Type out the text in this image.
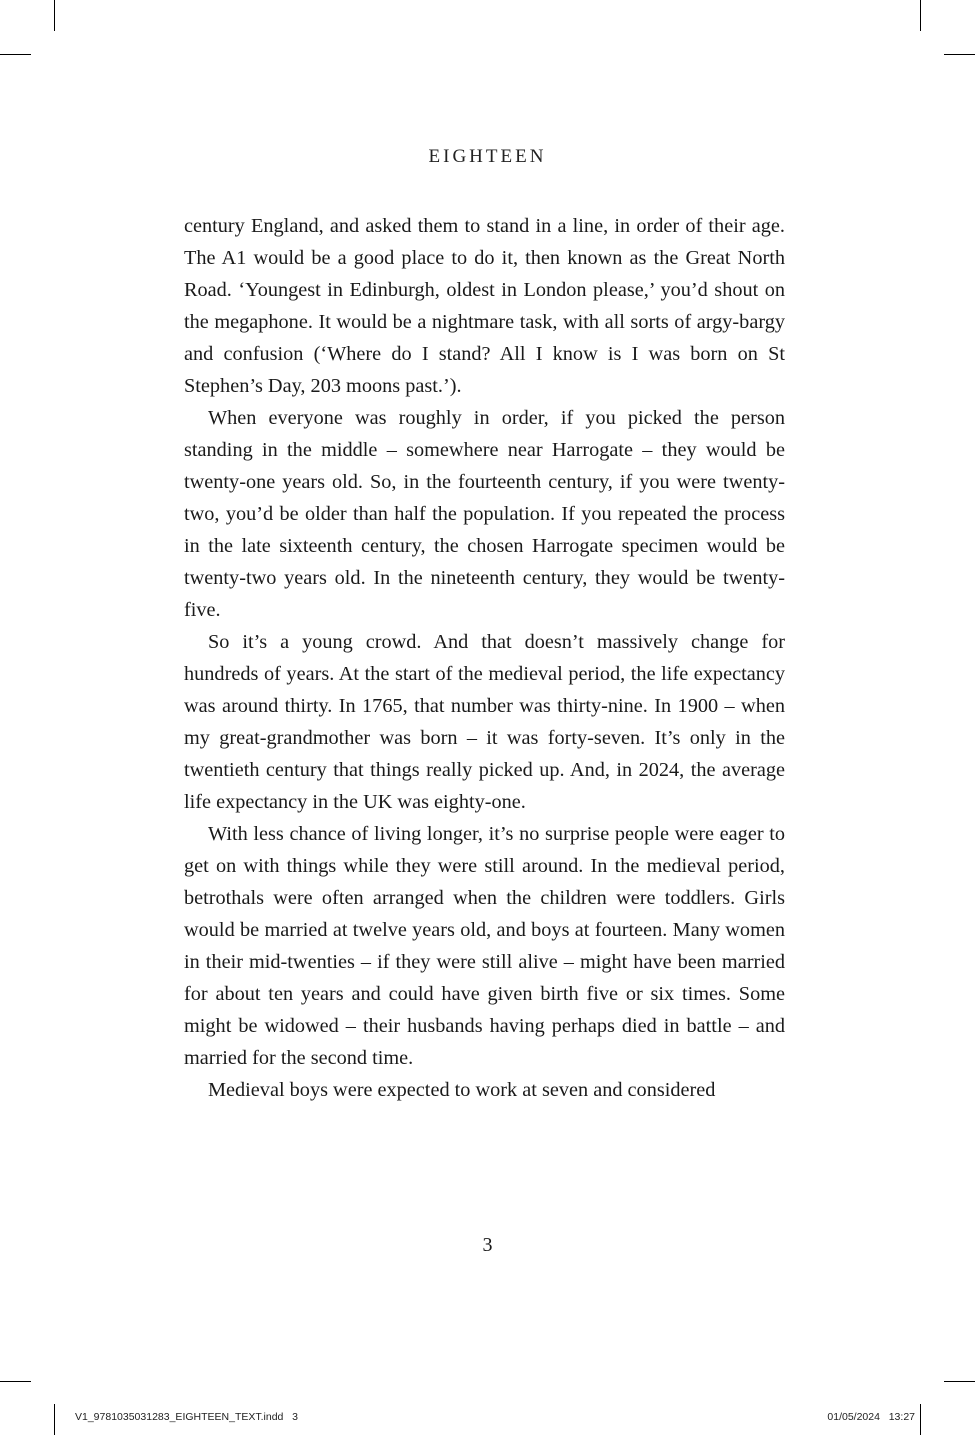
EIGHTEEN

century England, and asked them to stand in a line, in order of their age. The A1 would be a good place to do it, then known as the Great North Road. ‘Youngest in Edinburgh, oldest in London please,’ you’d shout on the megaphone. It would be a nightmare task, with all sorts of argy-bargy and confusion (‘Where do I stand? All I know is I was born on St Stephen’s Day, 203 moons past.’).

When everyone was roughly in order, if you picked the person standing in the middle – somewhere near Harrogate – they would be twenty-one years old. So, in the fourteenth century, if you were twenty-two, you’d be older than half the population. If you repeated the process in the late sixteenth century, the chosen Harrogate specimen would be twenty-two years old. In the nineteenth century, they would be twenty-five.

So it’s a young crowd. And that doesn’t massively change for hundreds of years. At the start of the medieval period, the life expectancy was around thirty. In 1765, that number was thirty-nine. In 1900 – when my great-grandmother was born – it was forty-seven. It’s only in the twentieth century that things really picked up. And, in 2024, the average life expectancy in the UK was eighty-one.

With less chance of living longer, it’s no surprise people were eager to get on with things while they were still around. In the medieval period, betrothals were often arranged when the children were toddlers. Girls would be married at twelve years old, and boys at fourteen. Many women in their mid-twenties – if they were still alive – might have been married for about ten years and could have given birth five or six times. Some might be widowed – their husbands having perhaps died in battle – and married for the second time.

Medieval boys were expected to work at seven and considered

3
V1_9781035031283_EIGHTEEN_TEXT.indd   3	01/05/2024 13:27
